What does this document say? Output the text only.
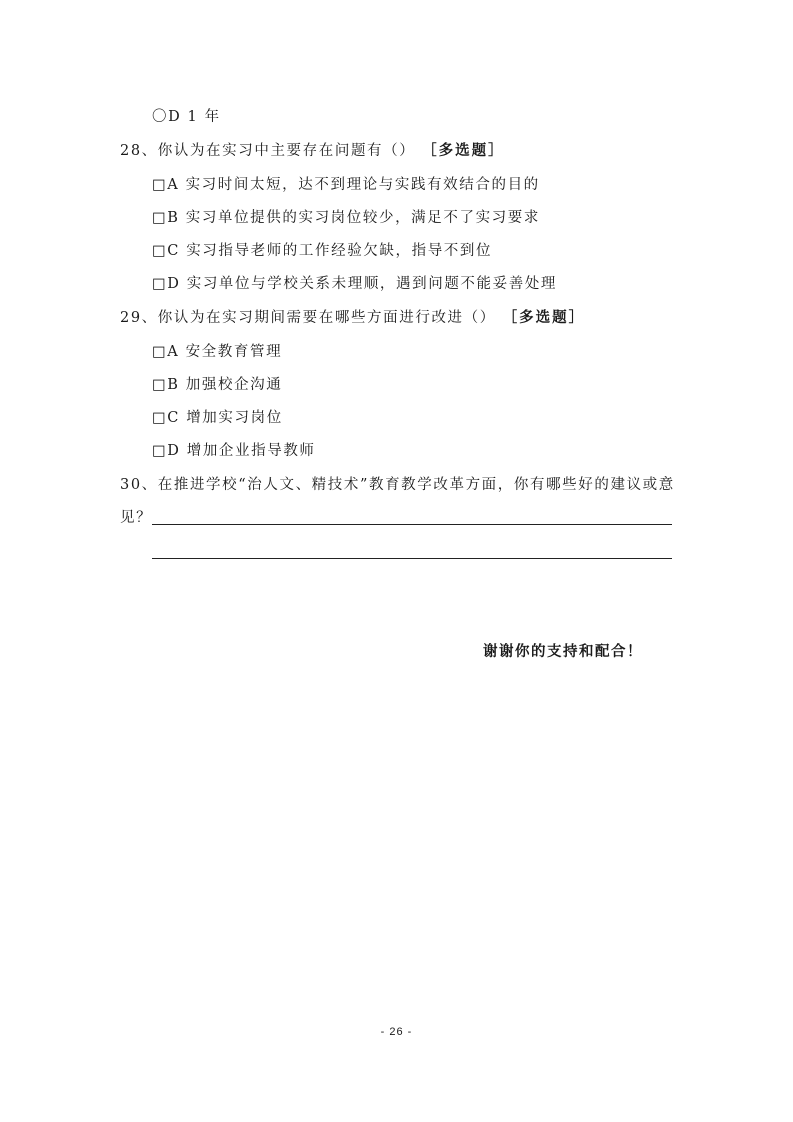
〇D 1 年
28、你认为在实习中主要存在问题有（） ［多选题］
□A 实习时间太短，达不到理论与实践有效结合的目的
□B 实习单位提供的实习岗位较少，满足不了实习要求
□C 实习指导老师的工作经验欠缺，指导不到位
□D 实习单位与学校关系未理顺，遇到问题不能妥善处理
29、你认为在实习期间需要在哪些方面进行改进（） ［多选题］
□A 安全教育管理
□B 加强校企沟通
□C 增加实习岗位
□D 增加企业指导教师
30、在推进学校“治人文、精技术”教育教学改革方面，你有哪些好的建议或意
见？
谢谢你的支持和配合！
- 26 -
